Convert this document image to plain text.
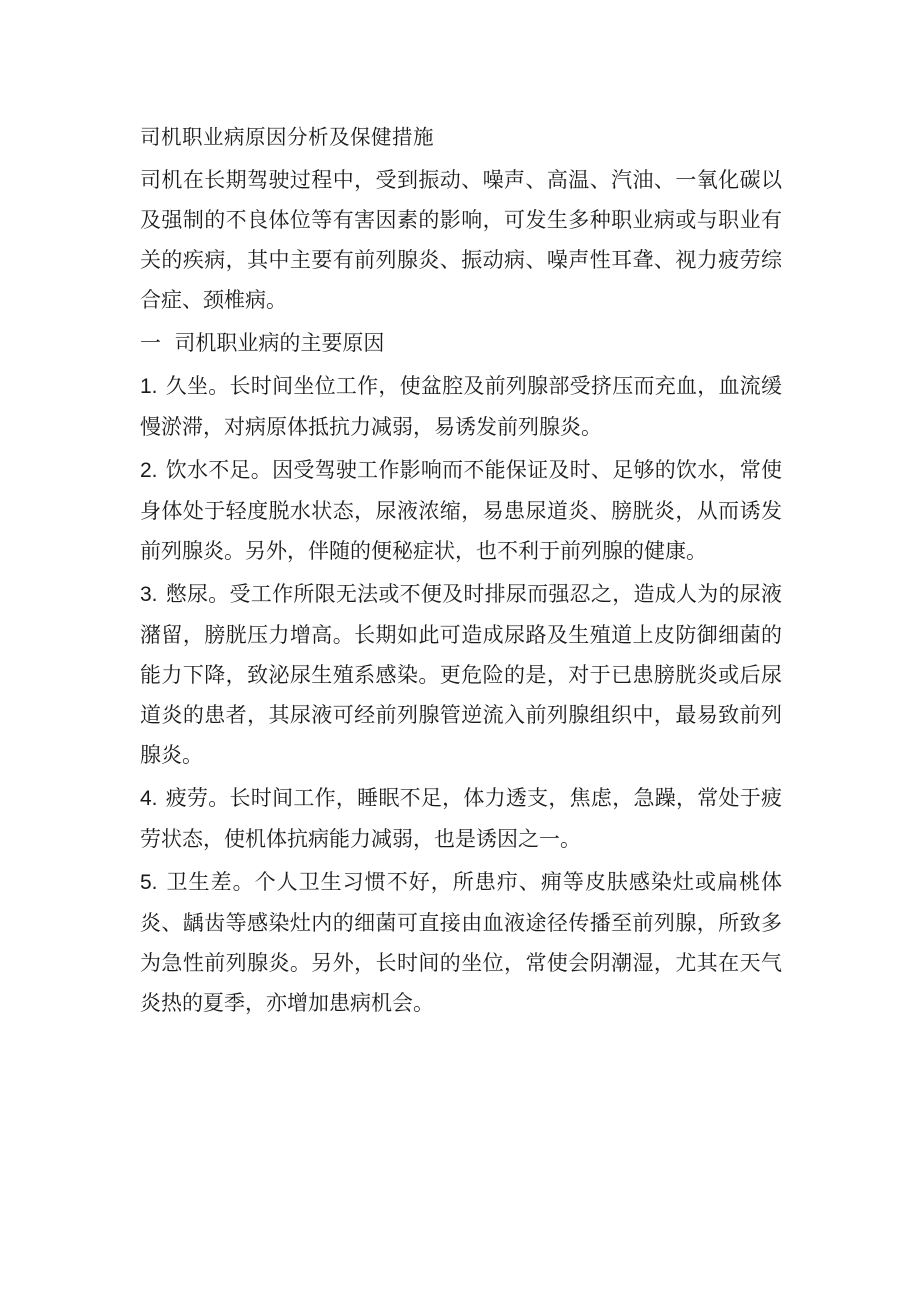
司机职业病原因分析及保健措施

司机在长期驾驶过程中，受到振动、噪声、高温、汽油、一氧化碳以及强制的不良体位等有害因素的影响，可发生多种职业病或与职业有关的疾病，其中主要有前列腺炎、振动病、噪声性耳聋、视力疲劳综合症、颈椎病。

一  司机职业病的主要原因

1. 久坐。长时间坐位工作，使盆腔及前列腺部受挤压而充血，血流缓慢淤滞，对病原体抵抗力减弱，易诱发前列腺炎。

2. 饮水不足。因受驾驶工作影响而不能保证及时、足够的饮水，常使身体处于轻度脱水状态，尿液浓缩，易患尿道炎、膀胱炎，从而诱发前列腺炎。另外，伴随的便秘症状，也不利于前列腺的健康。

3. 憋尿。受工作所限无法或不便及时排尿而强忍之，造成人为的尿液潴留，膀胱压力增高。长期如此可造成尿路及生殖道上皮防御细菌的能力下降，致泌尿生殖系感染。更危险的是，对于已患膀胱炎或后尿道炎的患者，其尿液可经前列腺管逆流入前列腺组织中，最易致前列腺炎。

4. 疲劳。长时间工作，睡眠不足，体力透支，焦虑，急躁，常处于疲劳状态，使机体抗病能力减弱，也是诱因之一。

5. 卫生差。个人卫生习惯不好，所患疖、痈等皮肤感染灶或扁桃体炎、龋齿等感染灶内的细菌可直接由血液途径传播至前列腺，所致多为急性前列腺炎。另外，长时间的坐位，常使会阴潮湿，尤其在天气炎热的夏季，亦增加患病机会。
